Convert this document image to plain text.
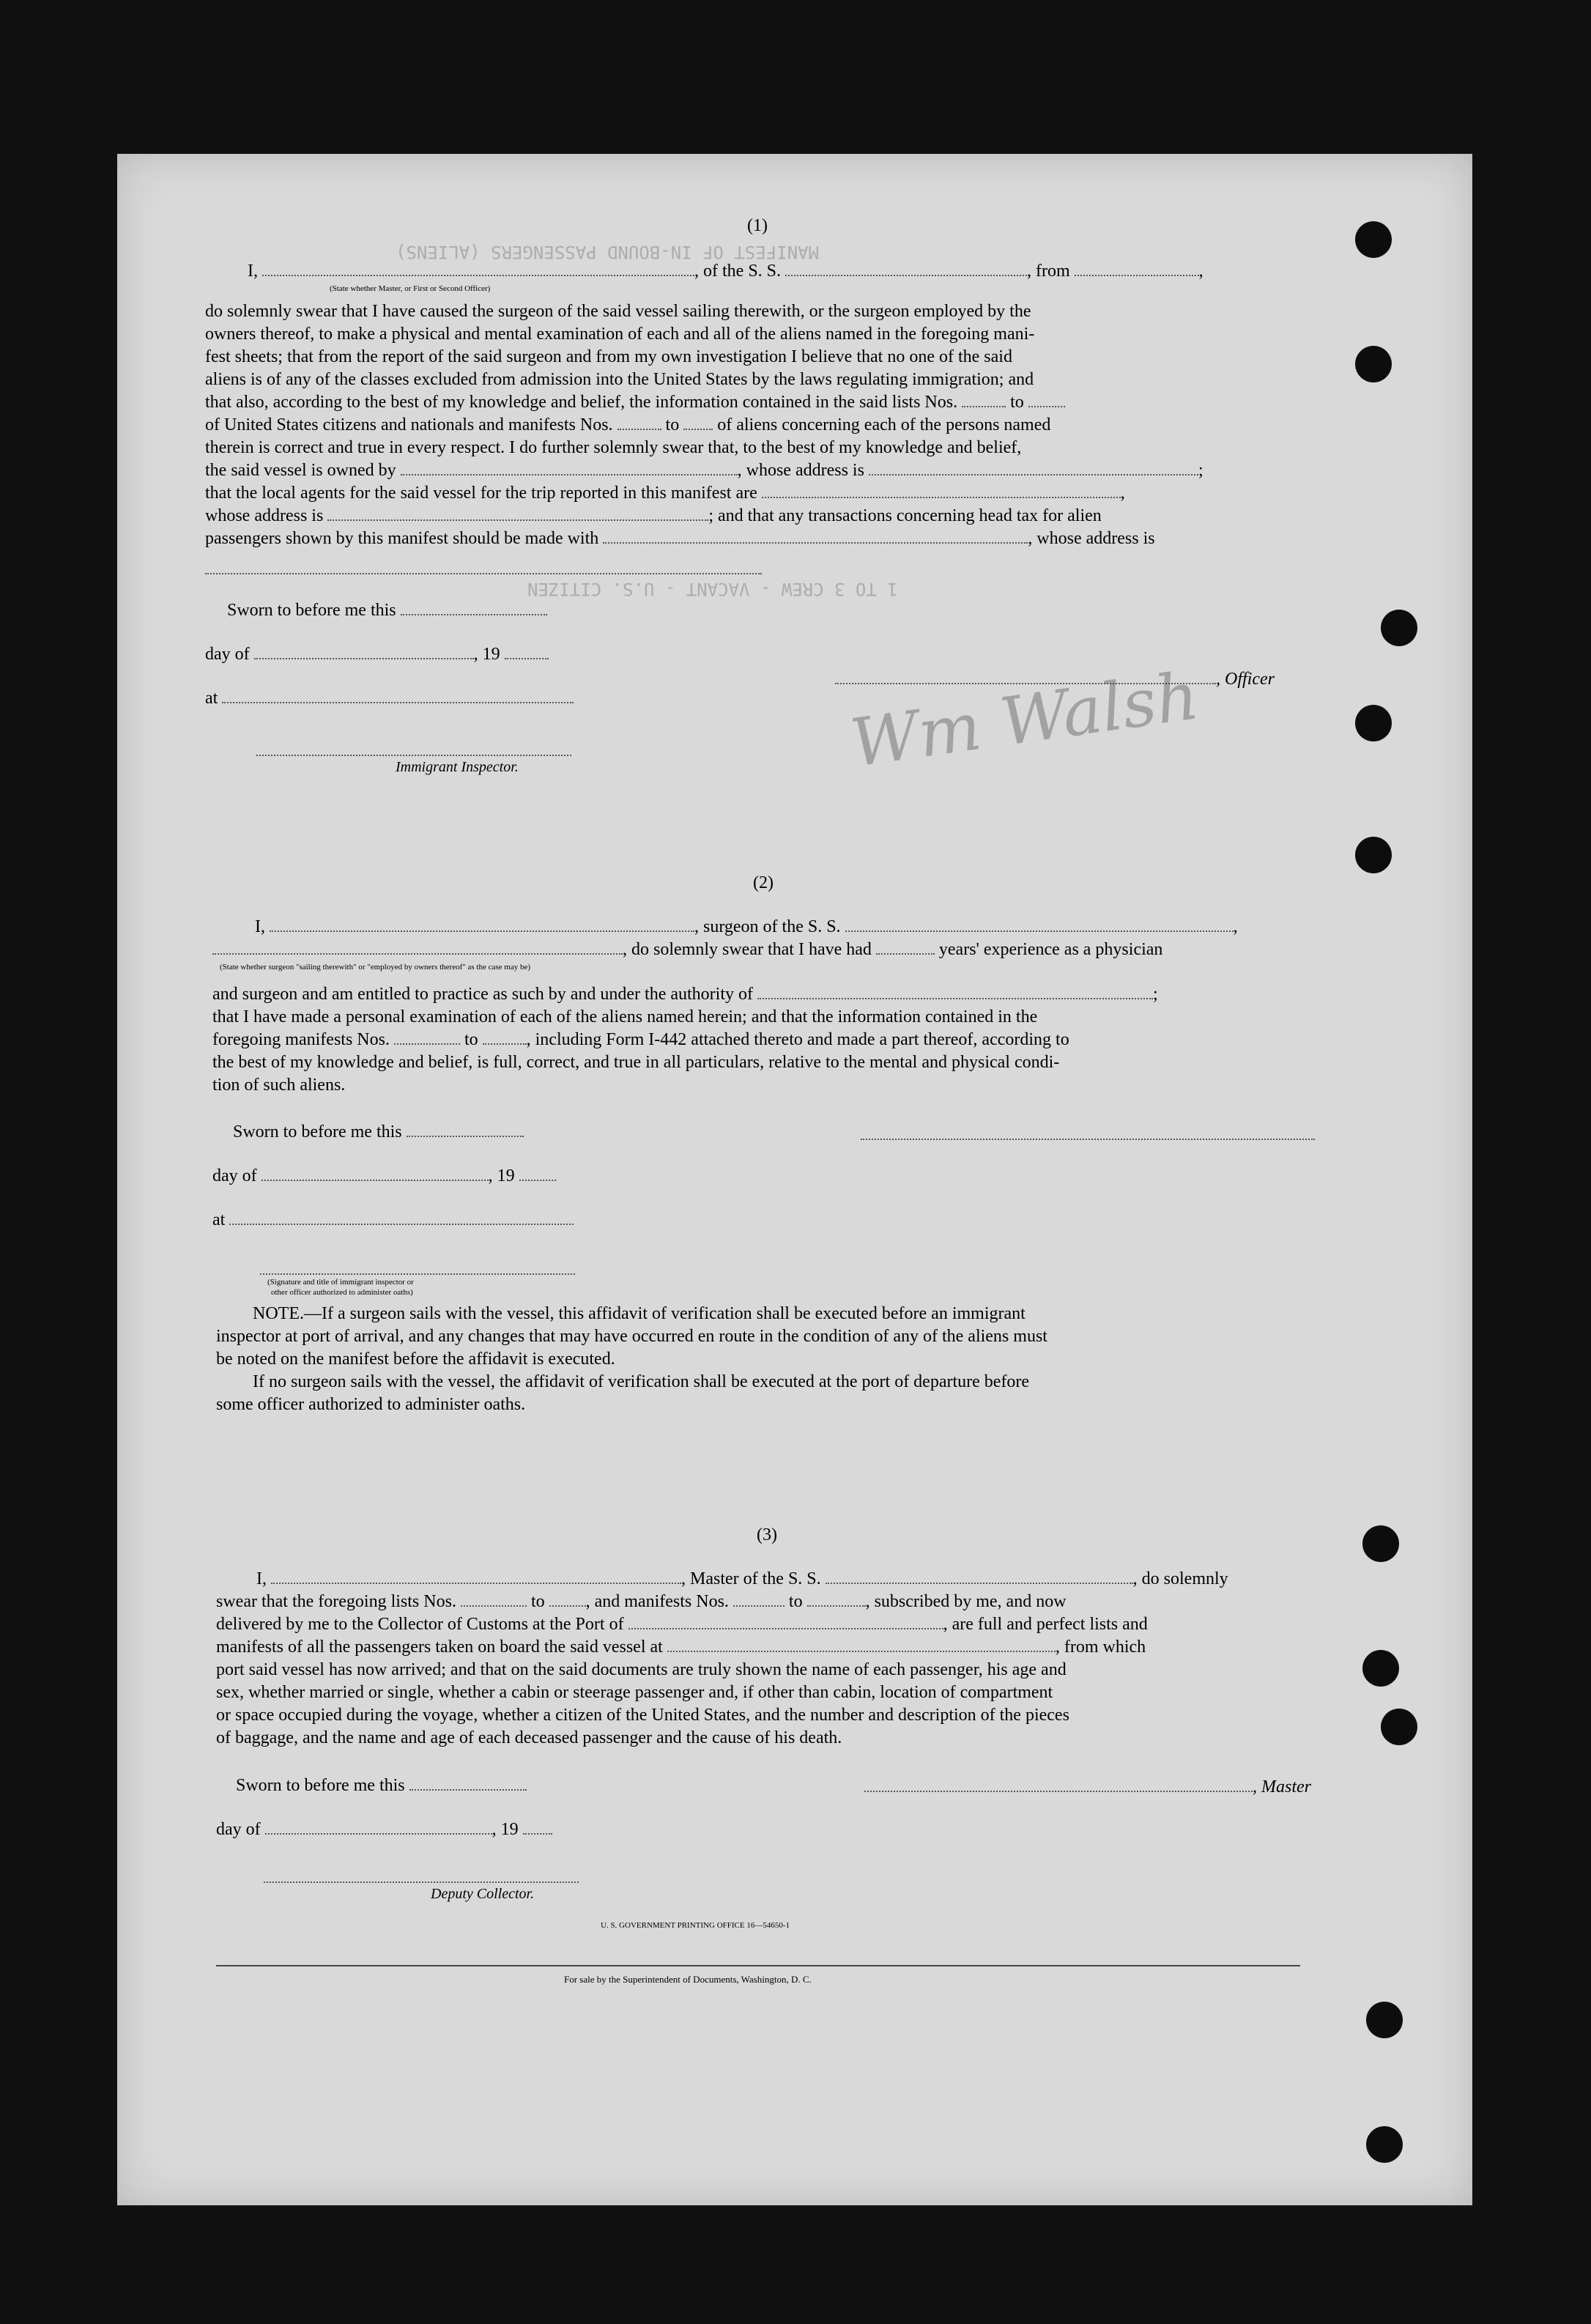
MANIFEST OF IN-BOUND PASSENGERS (ALIENS)
1 TO 3 CREW - VACANT - U.S. CITIZEN
Wm Walsh
(1)
I,	, of the S. S.	, from	,
(State whether Master, or First or Second Officer)
do solemnly swear that I have caused the surgeon of the said vessel sailing therewith, or the surgeon employed by the
owners thereof, to make a physical and mental examination of each and all of the aliens named in the foregoing mani-
fest sheets; that from the report of the said surgeon and from my own investigation I believe that no one of the said
aliens is of any of the classes excluded from admission into the United States by the laws regulating immigration; and
that also, according to the best of my knowledge and belief, the information contained in the said lists Nos.	to
of United States citizens and nationals and manifests Nos.	to of aliens concerning each of the persons named
therein is correct and true in every respect. I do further solemnly swear that, to the best of my knowledge and belief,
the said vessel is owned by	, whose address is	;
that the local agents for the said vessel for the trip reported in this manifest are	,
whose address is	; and that any transactions concerning head tax for alien
passengers shown by this manifest should be made with	, whose address is
Sworn to before me this
day of	, 19
at
, Officer
Immigrant Inspector.
(2)
I,	, surgeon of the S. S.	,
, do solemnly swear that I have had	years' experience as a physician
(State whether surgeon "sailing therewith" or "employed by owners thereof" as the case may be)
and surgeon and am entitled to practice as such by and under the authority of	;
that I have made a personal examination of each of the aliens named herein; and that the information contained in the
foregoing manifests Nos.	to	, including Form I-442 attached thereto and made a part thereof, according to
the best of my knowledge and belief, is full, correct, and true in all particulars, relative to the mental and physical condi-
tion of such aliens.
Sworn to before me this
day of	, 19
at
(Signature and title of immigrant inspector or
other officer authorized to administer oaths)
NOTE.—If a surgeon sails with the vessel, this affidavit of verification shall be executed before an immigrant
inspector at port of arrival, and any changes that may have occurred en route in the condition of any of the aliens must
be noted on the manifest before the affidavit is executed.
If no surgeon sails with the vessel, the affidavit of verification shall be executed at the port of departure before
some officer authorized to administer oaths.
(3)
I,	, Master of the S. S.	, do solemnly
swear that the foregoing lists Nos.	to , and manifests Nos.	to	, subscribed by me, and now
delivered by me to the Collector of Customs at the Port of	, are full and perfect lists and
manifests of all the passengers taken on board the said vessel at	, from which
port said vessel has now arrived; and that on the said documents are truly shown the name of each passenger, his age and
sex, whether married or single, whether a cabin or steerage passenger and, if other than cabin, location of compartment
or space occupied during the voyage, whether a citizen of the United States, and the number and description of the pieces
of baggage, and the name and age of each deceased passenger and the cause of his death.
Sworn to before me this	, Master
day of	, 19
Deputy Collector.
U. S. GOVERNMENT PRINTING OFFICE 16—54650-1
For sale by the Superintendent of Documents, Washington, D. C.
